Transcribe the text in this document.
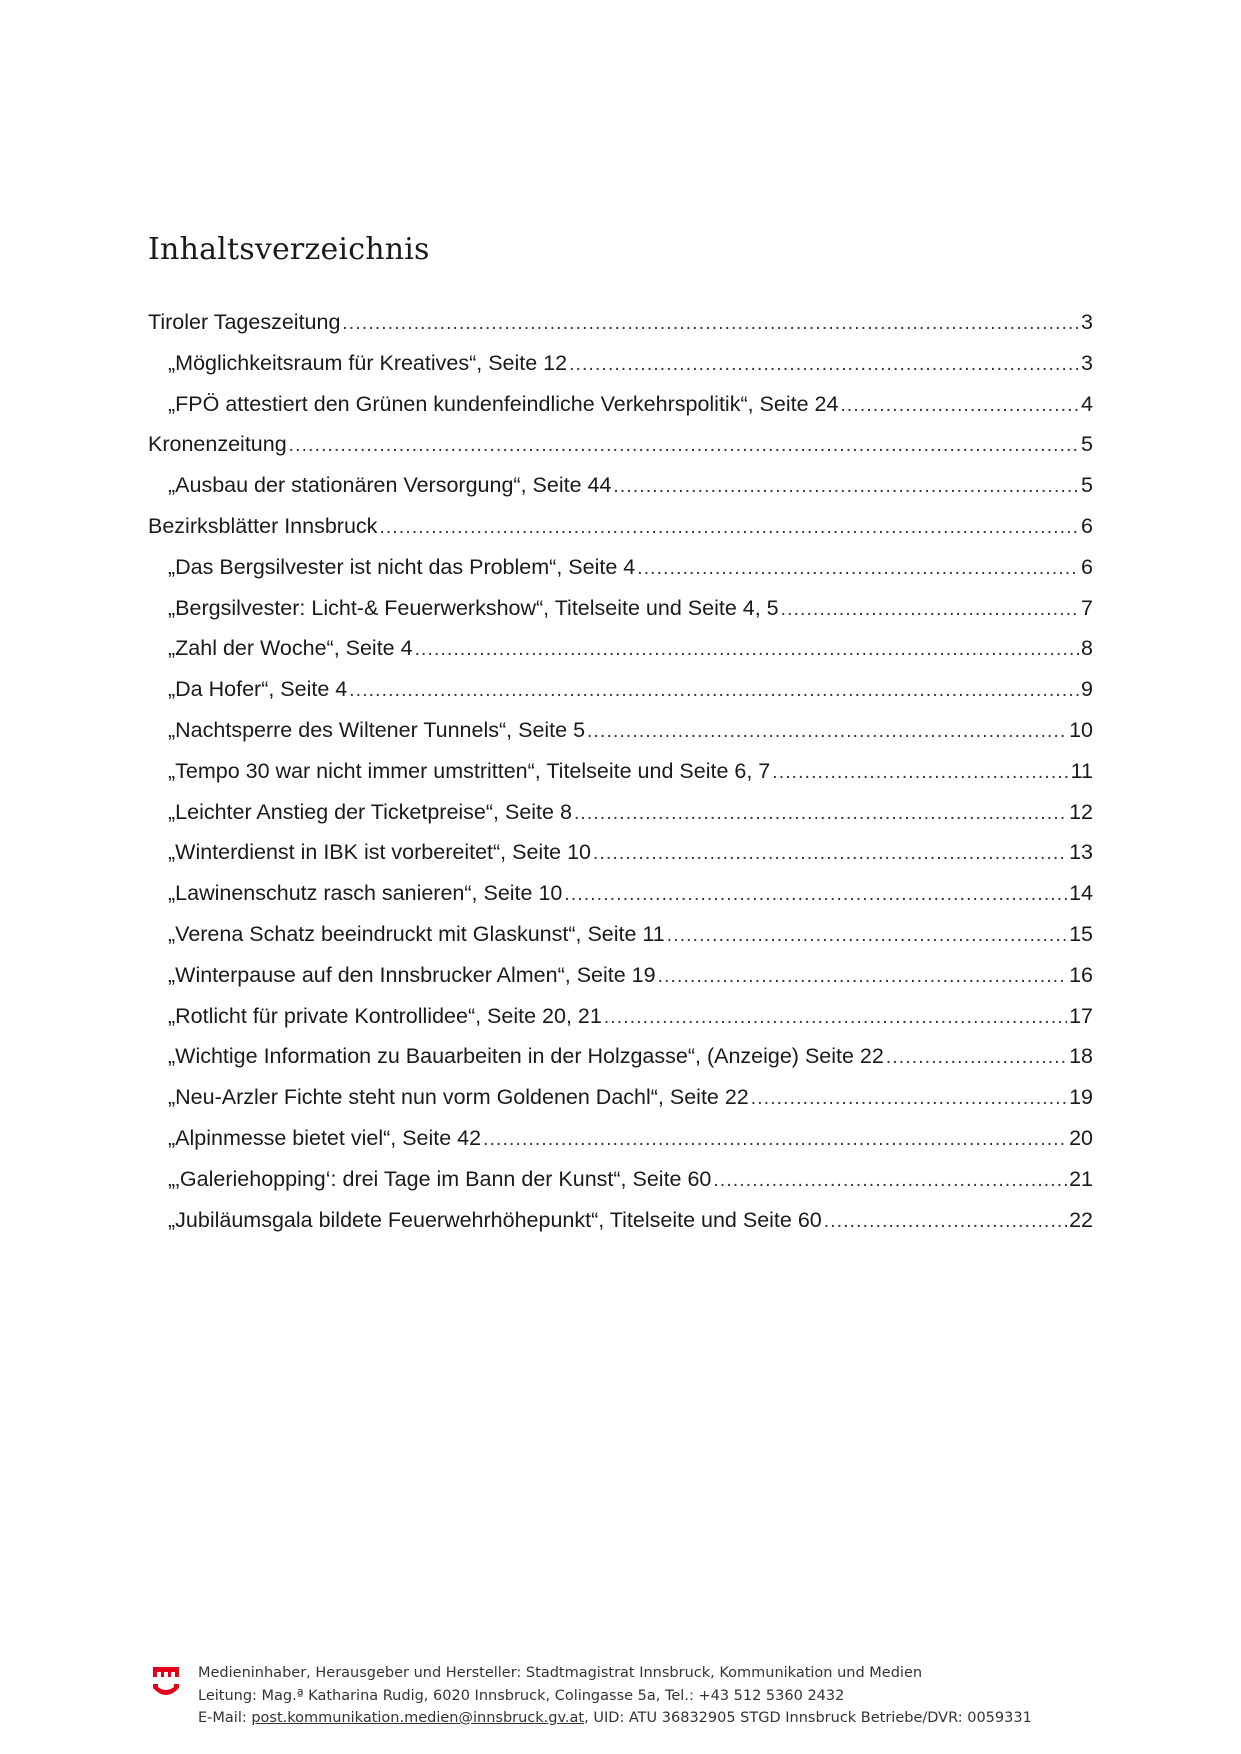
Inhaltsverzeichnis
Tiroler Tageszeitung .....	3
„Möglichkeitsraum für Kreatives“, Seite 12 .....	3
„FPÖ attestiert den Grünen kundenfeindliche Verkehrspolitik“, Seite 24 .....	4
Kronenzeitung .....	5
„Ausbau der stationären Versorgung“, Seite 44 .....	5
Bezirksblätter Innsbruck .....	6
„Das Bergsilvester ist nicht das Problem“, Seite 4 .....	6
„Bergsilvester: Licht-& Feuerwerkshow“, Titelseite und Seite 4, 5 .....	7
„Zahl der Woche“, Seite 4 .....	8
„Da Hofer“, Seite 4 .....	9
„Nachtsperre des Wiltener Tunnels“, Seite 5 .....	10
„Tempo 30 war nicht immer umstritten“, Titelseite und Seite 6, 7 .....	11
„Leichter Anstieg der Ticketpreise“, Seite 8 .....	12
„Winterdienst in IBK ist vorbereitet“, Seite 10 .....	13
„Lawinenschutz rasch sanieren“, Seite 10 .....	14
„Verena Schatz beeindruckt mit Glaskunst“, Seite 11 .....	15
„Winterpause auf den Innsbrucker Almen“, Seite 19 .....	16
„Rotlicht für private Kontrollidee“, Seite 20, 21 .....	17
„Wichtige Information zu Bauarbeiten in der Holzgasse“, (Anzeige) Seite 22 .....	18
„Neu-Arzler Fichte steht nun vorm Goldenen Dachl“, Seite 22 .....	19
„Alpinmesse bietet viel“, Seite 42 .....	20
„‚Galeriehopping‘: drei Tage im Bann der Kunst“, Seite 60 .....	21
„Jubiläumsgala bildete Feuerwehrhöhepunkt“, Titelseite und Seite 60 .....	22
Medieninhaber, Herausgeber und Hersteller: Stadtmagistrat Innsbruck, Kommunikation und Medien
Leitung: Mag.ª Katharina Rudig, 6020 Innsbruck, Colingasse 5a, Tel.: +43 512 5360 2432
E-Mail: post.kommunikation.medien@innsbruck.gv.at, UID: ATU 36832905 STGD Innsbruck Betriebe/DVR: 0059331
